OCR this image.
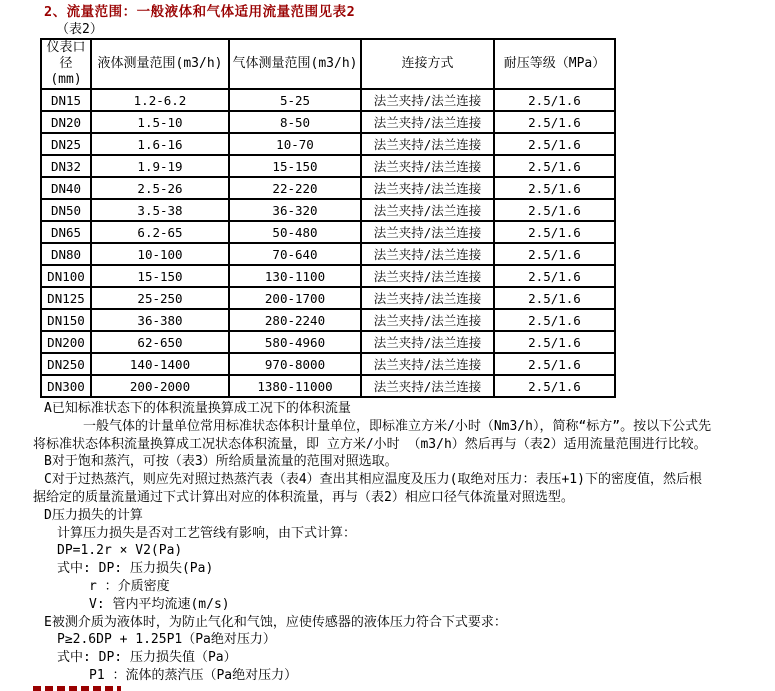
2、流量范围：一般液体和气体适用流量范围见表2
（表2）
仪表口径
(mm)	液体测量范围(m3/h)	气体测量范围(m3/h)	连接方式	耐压等级（MPa）

DN15	1.2-6.2	5-25	法兰夹持/法兰连接	2.5/1.6
DN20	1.5-10	8-50	法兰夹持/法兰连接	2.5/1.6
DN25	1.6-16	10-70	法兰夹持/法兰连接	2.5/1.6
DN32	1.9-19	15-150	法兰夹持/法兰连接	2.5/1.6
DN40	2.5-26	22-220	法兰夹持/法兰连接	2.5/1.6
DN50	3.5-38	36-320	法兰夹持/法兰连接	2.5/1.6
DN65	6.2-65	50-480	法兰夹持/法兰连接	2.5/1.6
DN80	10-100	70-640	法兰夹持/法兰连接	2.5/1.6
DN100	15-150	130-1100	法兰夹持/法兰连接	2.5/1.6
DN125	25-250	200-1700	法兰夹持/法兰连接	2.5/1.6
DN150	36-380	280-2240	法兰夹持/法兰连接	2.5/1.6
DN200	62-650	580-4960	法兰夹持/法兰连接	2.5/1.6
DN250	140-1400	970-8000	法兰夹持/法兰连接	2.5/1.6
DN300	200-2000	1380-11000	法兰夹持/法兰连接	2.5/1.6
A已知标准状态下的体积流量换算成工况下的体积流量
一般气体的计量单位常用标准状态体积计量单位，即标准立方米/小时（Nm3/h），简称“标方”。按以下公式先
将标准状态体积流量换算成工况状态体积流量，即 立方米/小时 （m3/h）然后再与（表2）适用流量范围进行比较。
B对于饱和蒸汽，可按（表3）所给质量流量的范围对照选取。
C对于过热蒸汽，则应先对照过热蒸汽表（表4）查出其相应温度及压力(取绝对压力：表压+1)下的密度值，然后根
据给定的质量流量通过下式计算出对应的体积流量，再与（表2）相应口径气体流量对照选型。
D压力损失的计算
计算压力损失是否对工艺管线有影响，由下式计算：
DP=1.2r × V2(Pa)
式中: DP: 压力损失(Pa)
r ：介质密度
V: 管内平均流速(m/s)
E被测介质为液体时，为防止气化和气蚀，应使传感器的液体压力符合下式要求：
P≥2.6DP + 1.25P1（Pa绝对压力）
式中: DP: 压力损失值（Pa）
P1 ：流体的蒸汽压（Pa绝对压力）
